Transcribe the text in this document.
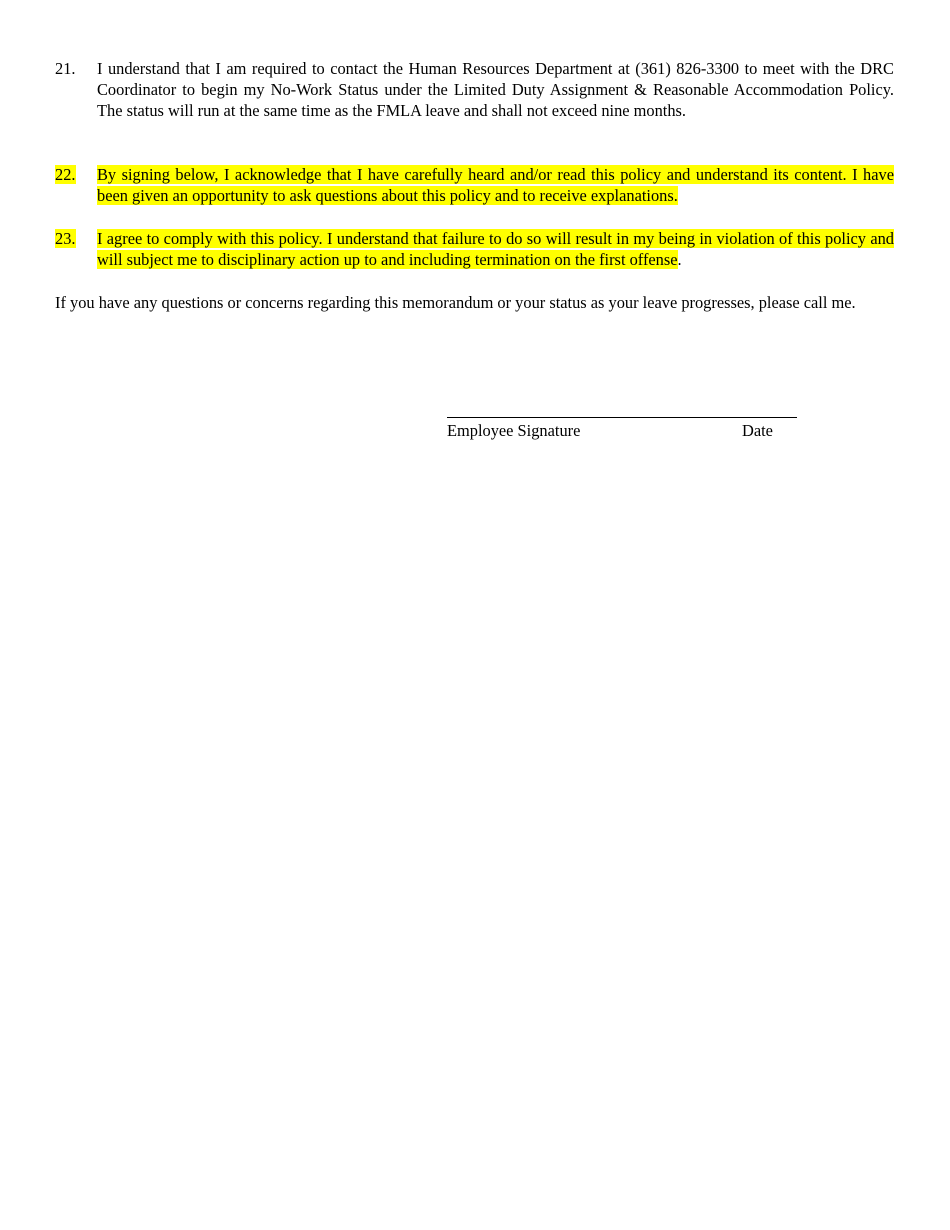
21.	I understand that I am required to contact the Human Resources Department at (361) 826-3300 to meet with the DRC Coordinator to begin my No-Work Status under the Limited Duty Assignment & Reasonable Accommodation Policy. The status will run at the same time as the FMLA leave and shall not exceed nine months.
22.	By signing below, I acknowledge that I have carefully heard and/or read this policy and understand its content. I have been given an opportunity to ask questions about this policy and to receive explanations.
23.	I agree to comply with this policy. I understand that failure to do so will result in my being in violation of this policy and will subject me to disciplinary action up to and including termination on the first offense.
If you have any questions or concerns regarding this memorandum or your status as your leave progresses, please call me.
Employee Signature	Date
